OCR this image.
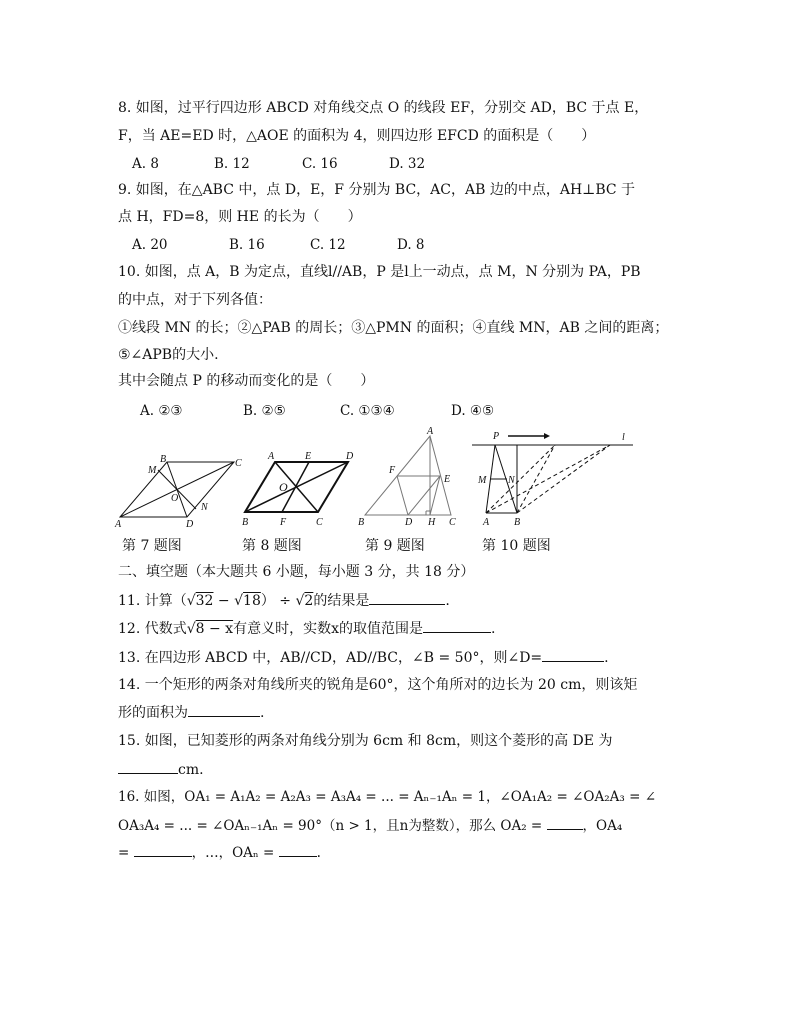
8. 如图，过平行四边形 ABCD 对角线交点 O 的线段 EF，分别交 AD，BC 于点 E，
F，当 AE=ED 时，△AOE 的面积为 4，则四边形 EFCD 的面积是（　　）
A. 8	B. 12	C. 16	D. 32
9. 如图，在△ABC 中，点 D，E，F 分别为 BC，AC，AB 边的中点，AH⊥BC 于
点 H，FD=8，则 HE 的长为（　　）
A. 20	B. 16	C. 12	D. 8
10. 如图，点 A，B 为定点，直线l//AB，P 是l上一动点，点 M，N 分别为 PA，PB
的中点，对于下列各值：
①线段 MN 的长；②△PAB 的周长；③△PMN 的面积；④直线 MN，AB 之间的距离；
⑤∠APB的大小.
其中会随点 P 的移动而变化的是（　　）
A. ②③	B. ②⑤	C. ①③④	D. ④⑤
A	D
C
B
M
N
O
A	E	D
O
B	F	C
A
F
E
B	D H C
P	l
M N
A B
第 7 题图	第 8 题图	第 9 题图	第 10 题图
二、填空题（本大题共 6 小题，每小题 3 分，共 18 分）
11. 计算（√32 − √18） ÷ √2的结果是	.
12. 代数式√8 − x有意义时，实数x的取值范围是	.
13. 在四边形 ABCD 中，AB//CD，AD//BC，∠B = 50°，则∠D=	.
14. 一个矩形的两条对角线所夹的锐角是60°，这个角所对的边长为 20 cm，则该矩
形的面积为	.
15. 如图，已知菱形的两条对角线分别为 6cm 和 8cm，则这个菱形的高 DE 为
cm.
16. 如图，OA₁ = A₁A₂ = A₂A₃ = A₃A₄ = ... = Aₙ₋₁Aₙ = 1，∠OA₁A₂ = ∠OA₂A₃ = ∠
OA₃A₄ = ... = ∠OAₙ₋₁Aₙ = 90°（n > 1，且n为整数），那么 OA₂ =	，OA₄
=	，…，OAₙ =	.
